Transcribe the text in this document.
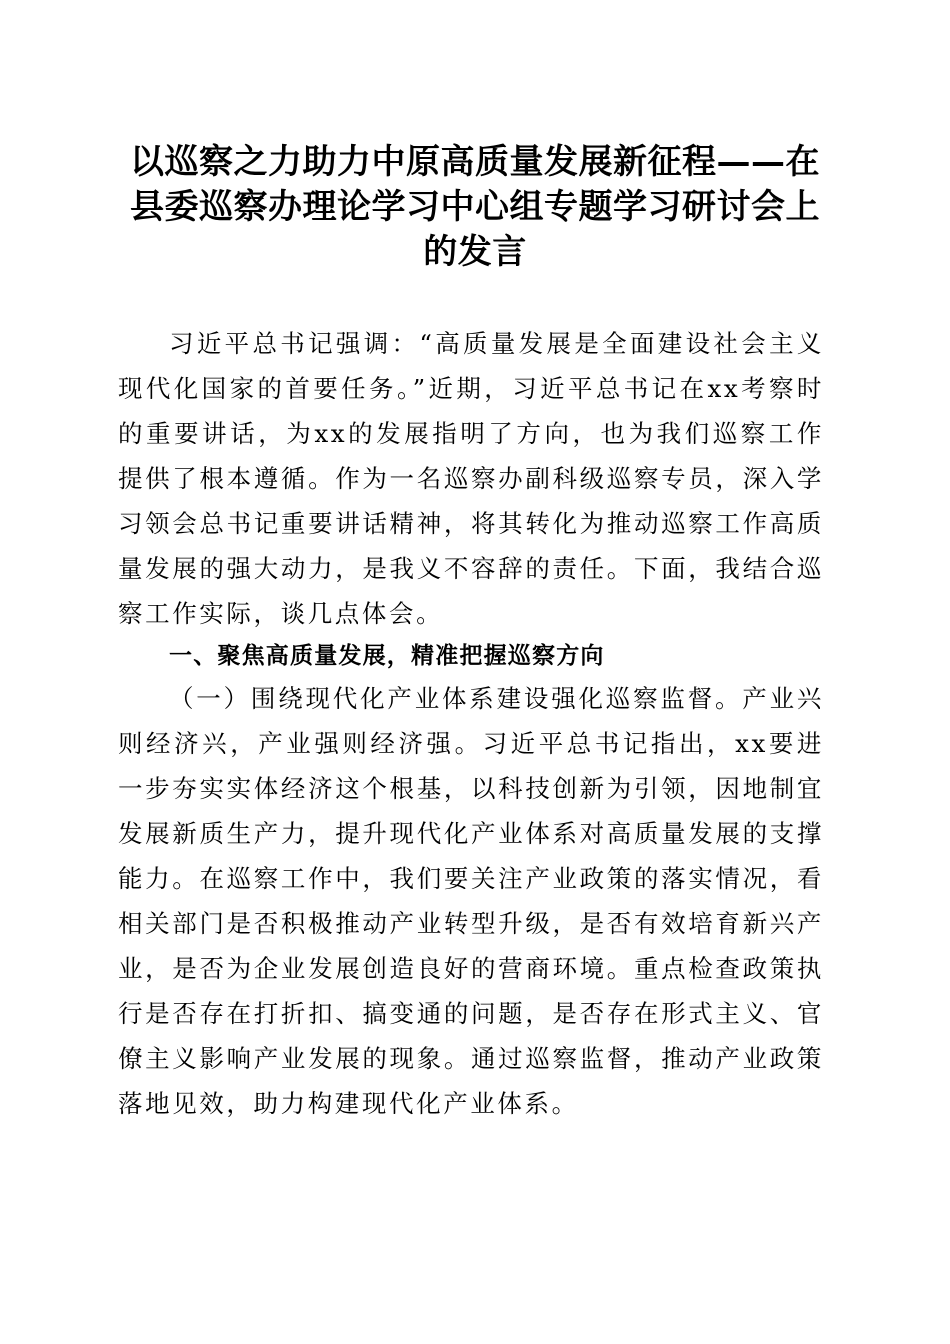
以巡察之力助力中原高质量发展新征程——在县委巡察办理论学习中心组专题学习研讨会上的发言

习近平总书记强调：“高质量发展是全面建设社会主义现代化国家的首要任务。”近期，习近平总书记在xx考察时的重要讲话，为xx的发展指明了方向，也为我们巡察工作提供了根本遵循。作为一名巡察办副科级巡察专员，深入学习领会总书记重要讲话精神，将其转化为推动巡察工作高质量发展的强大动力，是我义不容辞的责任。下面，我结合巡察工作实际，谈几点体会。

一、聚焦高质量发展，精准把握巡察方向

（一）围绕现代化产业体系建设强化巡察监督。产业兴则经济兴，产业强则经济强。习近平总书记指出，xx要进一步夯实实体经济这个根基，以科技创新为引领，因地制宜发展新质生产力，提升现代化产业体系对高质量发展的支撑能力。在巡察工作中，我们要关注产业政策的落实情况，看相关部门是否积极推动产业转型升级，是否有效培育新兴产业，是否为企业发展创造良好的营商环境。重点检查政策执行是否存在打折扣、搞变通的问题，是否存在形式主义、官僚主义影响产业发展的现象。通过巡察监督，推动产业政策落地见效，助力构建现代化产业体系。
